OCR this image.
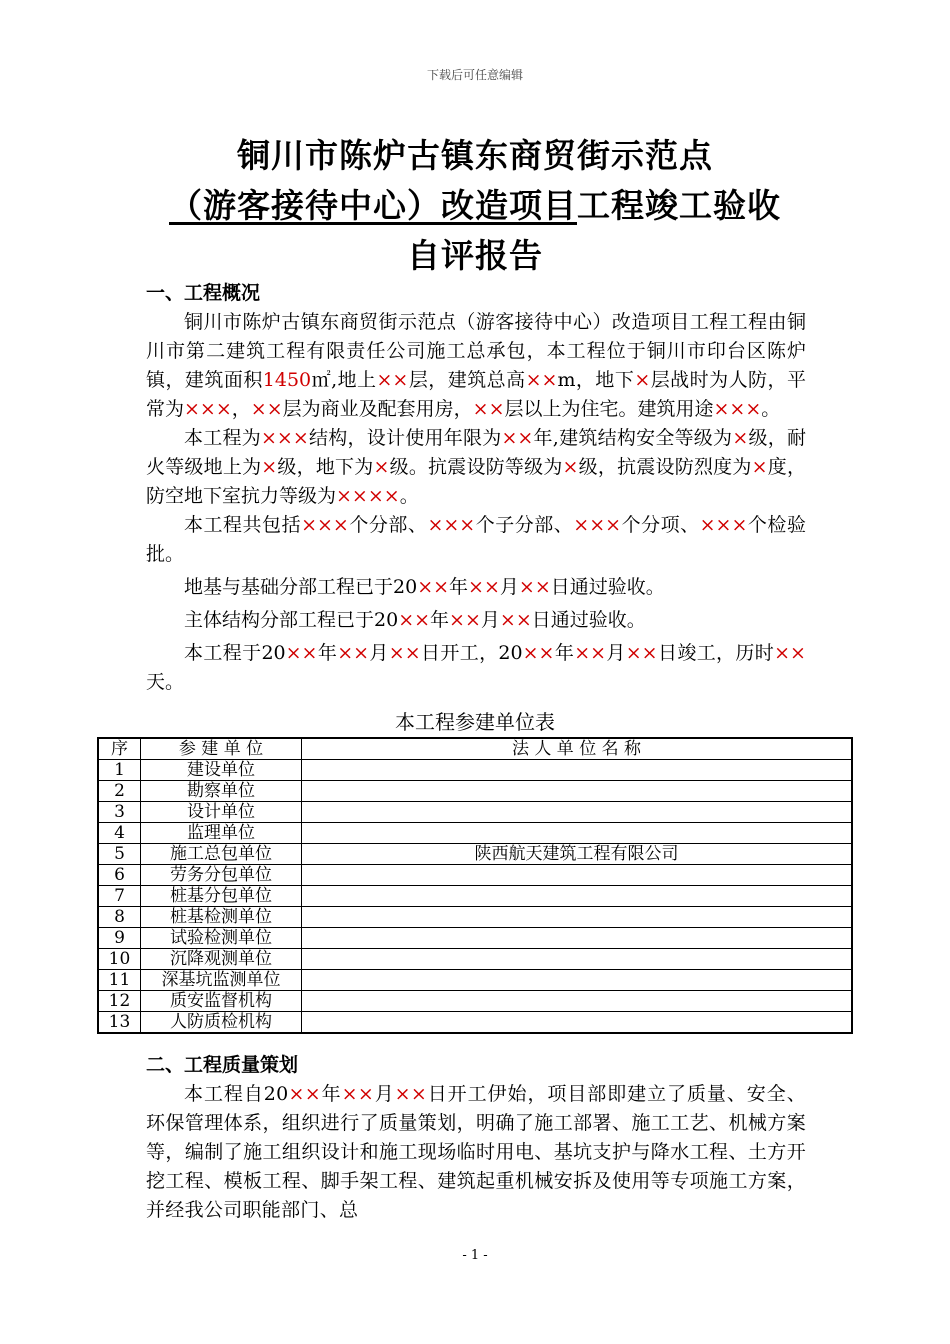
下载后可任意编辑
铜川市陈炉古镇东商贸街示范点
（游客接待中心）改造项目工程竣工验收
自评报告
一、工程概况

铜川市陈炉古镇东商贸街示范点（游客接待中心）改造项目工程工程由铜川市第二建筑工程有限责任公司施工总承包，本工程位于铜川市印台区陈炉镇，建筑面积1450㎡,地上××层，建筑总高××m，地下×层战时为人防，平常为×××，××层为商业及配套用房，××层以上为住宅。建筑用途×××。

本工程为×××结构，设计使用年限为××年,建筑结构安全等级为×级，耐火等级地上为×级，地下为×级。抗震设防等级为×级，抗震设防烈度为×度，防空地下室抗力等级为××××。

本工程共包括×××个分部、×××个子分部、×××个分项、×××个检验批。

地基与基础分部工程已于20××年××月××日通过验收。

主体结构分部工程已于20××年××月××日通过验收。

本工程于20××年××月××日开工，20××年××月××日竣工，历时××天。

本工程参建单位表
序	参 建 单 位	法 人 单 位 名 称
1	建设单位	
2	勘察单位	
3	设计单位	
4	监理单位	
5	施工总包单位	陕西航天建筑工程有限公司
6	劳务分包单位	
7	桩基分包单位	
8	桩基检测单位	
9	试验检测单位	
10	沉降观测单位	
11	深基坑监测单位	
12	质安监督机构	
13	人防质检机构	
二、工程质量策划

本工程自20××年××月××日开工伊始，项目部即建立了质量、安全、环保管理体系，组织进行了质量策划，明确了施工部署、施工工艺、机械方案等，编制了施工组织设计和施工现场临时用电、基坑支护与降水工程、土方开挖工程、模板工程、脚手架工程、建筑起重机械安拆及使用等专项施工方案，并经我公司职能部门、总

- 1 -
